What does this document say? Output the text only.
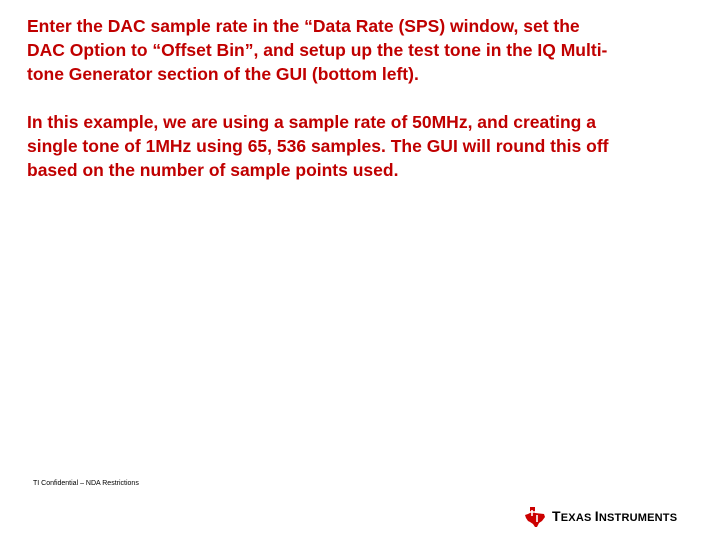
Enter the DAC sample rate in the “Data Rate (SPS) window, set the
DAC Option to “Offset Bin”, and setup up the test tone in the IQ Multi-
tone Generator section of the GUI (bottom left).

In this example, we are using a sample rate of 50MHz, and creating a
single tone of 1MHz using 65, 536 samples. The GUI will round this off
based on the number of sample points used.

TI Confidential – NDA Restrictions
TEXAS INSTRUMENTS
